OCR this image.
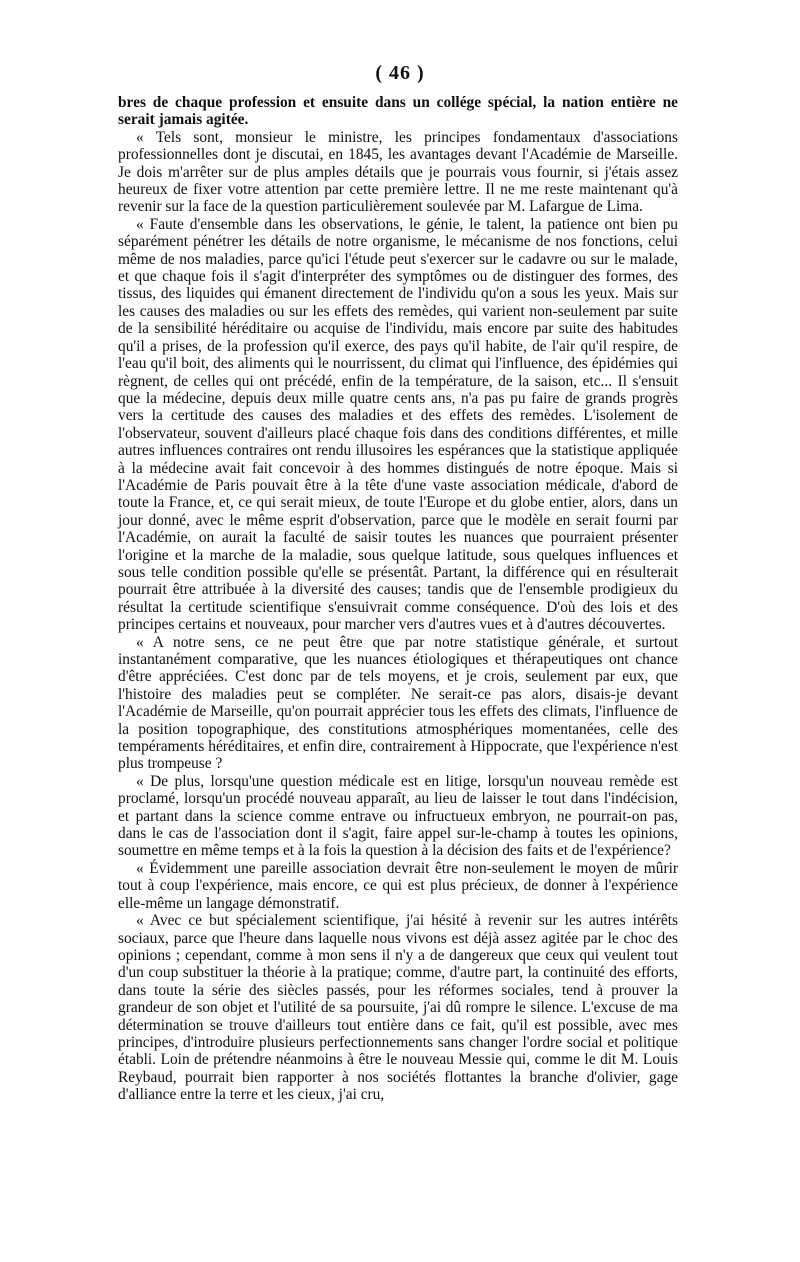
( 46 )

bres de chaque profession et ensuite dans un collége spécial, la nation entière ne serait jamais agitée.

« Tels sont, monsieur le ministre, les principes fondamentaux d'associations professionnelles dont je discutai, en 1845, les avantages devant l'Académie de Marseille. Je dois m'arrêter sur de plus amples détails que je pourrais vous fournir, si j'étais assez heureux de fixer votre attention par cette première lettre. Il ne me reste maintenant qu'à revenir sur la face de la question particulièrement soulevée par M. Lafargue de Lima.

« Faute d'ensemble dans les observations, le génie, le talent, la patience ont bien pu séparément pénétrer les détails de notre organisme, le mécanisme de nos fonctions, celui même de nos maladies, parce qu'ici l'étude peut s'exercer sur le cadavre ou sur le malade, et que chaque fois il s'agit d'interpréter des symptômes ou de distinguer des formes, des tissus, des liquides qui émanent directement de l'individu qu'on a sous les yeux. Mais sur les causes des maladies ou sur les effets des remèdes, qui varient non-seulement par suite de la sensibilité héréditaire ou acquise de l'individu, mais encore par suite des habitudes qu'il a prises, de la profession qu'il exerce, des pays qu'il habite, de l'air qu'il respire, de l'eau qu'il boit, des aliments qui le nourrissent, du climat qui l'influence, des épidémies qui règnent, de celles qui ont précédé, enfin de la température, de la saison, etc... Il s'ensuit que la médecine, depuis deux mille quatre cents ans, n'a pas pu faire de grands progrès vers la certitude des causes des maladies et des effets des remèdes. L'isolement de l'observateur, souvent d'ailleurs placé chaque fois dans des conditions différentes, et mille autres influences contraires ont rendu illusoires les espérances que la statistique appliquée à la médecine avait fait concevoir à des hommes distingués de notre époque. Mais si l'Académie de Paris pouvait être à la tête d'une vaste association médicale, d'abord de toute la France, et, ce qui serait mieux, de toute l'Europe et du globe entier, alors, dans un jour donné, avec le même esprit d'observation, parce que le modèle en serait fourni par l'Académie, on aurait la faculté de saisir toutes les nuances que pourraient présenter l'origine et la marche de la maladie, sous quelque latitude, sous quelques influences et sous telle condition possible qu'elle se présentât. Partant, la différence qui en résulterait pourrait être attribuée à la diversité des causes; tandis que de l'ensemble prodigieux du résultat la certitude scientifique s'ensuivrait comme conséquence. D'où des lois et des principes certains et nouveaux, pour marcher vers d'autres vues et à d'autres découvertes.

« A notre sens, ce ne peut être que par notre statistique générale, et surtout instantanément comparative, que les nuances étiologiques et thérapeutiques ont chance d'être appréciées. C'est donc par de tels moyens, et je crois, seulement par eux, que l'histoire des maladies peut se compléter. Ne serait-ce pas alors, disais-je devant l'Académie de Marseille, qu'on pourrait apprécier tous les effets des climats, l'influence de la position topographique, des constitutions atmosphériques momentanées, celle des tempéraments héréditaires, et enfin dire, contrairement à Hippocrate, que l'expérience n'est plus trompeuse ?

« De plus, lorsqu'une question médicale est en litige, lorsqu'un nouveau remède est proclamé, lorsqu'un procédé nouveau apparaît, au lieu de laisser le tout dans l'indécision, et partant dans la science comme entrave ou infructueux embryon, ne pourrait-on pas, dans le cas de l'association dont il s'agit, faire appel sur-le-champ à toutes les opinions, soumettre en même temps et à la fois la question à la décision des faits et de l'expérience?

« Évidemment une pareille association devrait être non-seulement le moyen de mûrir tout à coup l'expérience, mais encore, ce qui est plus précieux, de donner à l'expérience elle-même un langage démonstratif.

« Avec ce but spécialement scientifique, j'ai hésité à revenir sur les autres intérêts sociaux, parce que l'heure dans laquelle nous vivons est déjà assez agitée par le choc des opinions ; cependant, comme à mon sens il n'y a de dangereux que ceux qui veulent tout d'un coup substituer la théorie à la pratique; comme, d'autre part, la continuité des efforts, dans toute la série des siècles passés, pour les réformes sociales, tend à prouver la grandeur de son objet et l'utilité de sa poursuite, j'ai dû rompre le silence. L'excuse de ma détermination se trouve d'ailleurs tout entière dans ce fait, qu'il est possible, avec mes principes, d'introduire plusieurs perfectionnements sans changer l'ordre social et politique établi. Loin de prétendre néanmoins à être le nouveau Messie qui, comme le dit M. Louis Reybaud, pourrait bien rapporter à nos sociétés flottantes la branche d'olivier, gage d'alliance entre la terre et les cieux, j'ai cru,
